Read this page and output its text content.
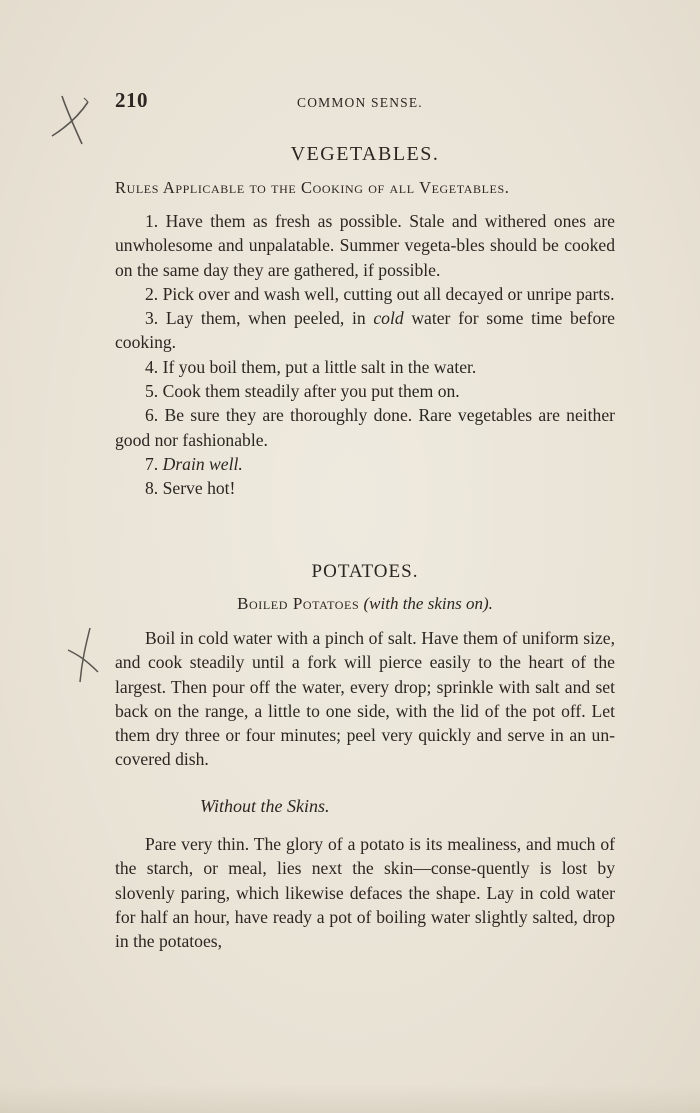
210	COMMON SENSE.
VEGETABLES.
Rules Applicable to the Cooking of all Vegetables.

1. Have them as fresh as possible. Stale and withered ones are unwholesome and unpalatable. Summer vegeta-bles should be cooked on the same day they are gathered, if possible.

2. Pick over and wash well, cutting out all decayed or unripe parts.

3. Lay them, when peeled, in cold water for some time before cooking.

4. If you boil them, put a little salt in the water.

5. Cook them steadily after you put them on.

6. Be sure they are thoroughly done. Rare vegetables are neither good nor fashionable.

7. Drain well.

8. Serve hot!

POTATOES.
Boiled Potatoes (with the skins on).

Boil in cold water with a pinch of salt. Have them of uniform size, and cook steadily until a fork will pierce easily to the heart of the largest. Then pour off the water, every drop; sprinkle with salt and set back on the range, a little to one side, with the lid of the pot off. Let them dry three or four minutes; peel very quickly and serve in an un-covered dish.

Without the Skins.

Pare very thin. The glory of a potato is its mealiness, and much of the starch, or meal, lies next the skin—conse-quently is lost by slovenly paring, which likewise defaces the shape. Lay in cold water for half an hour, have ready a pot of boiling water slightly salted, drop in the potatoes,
